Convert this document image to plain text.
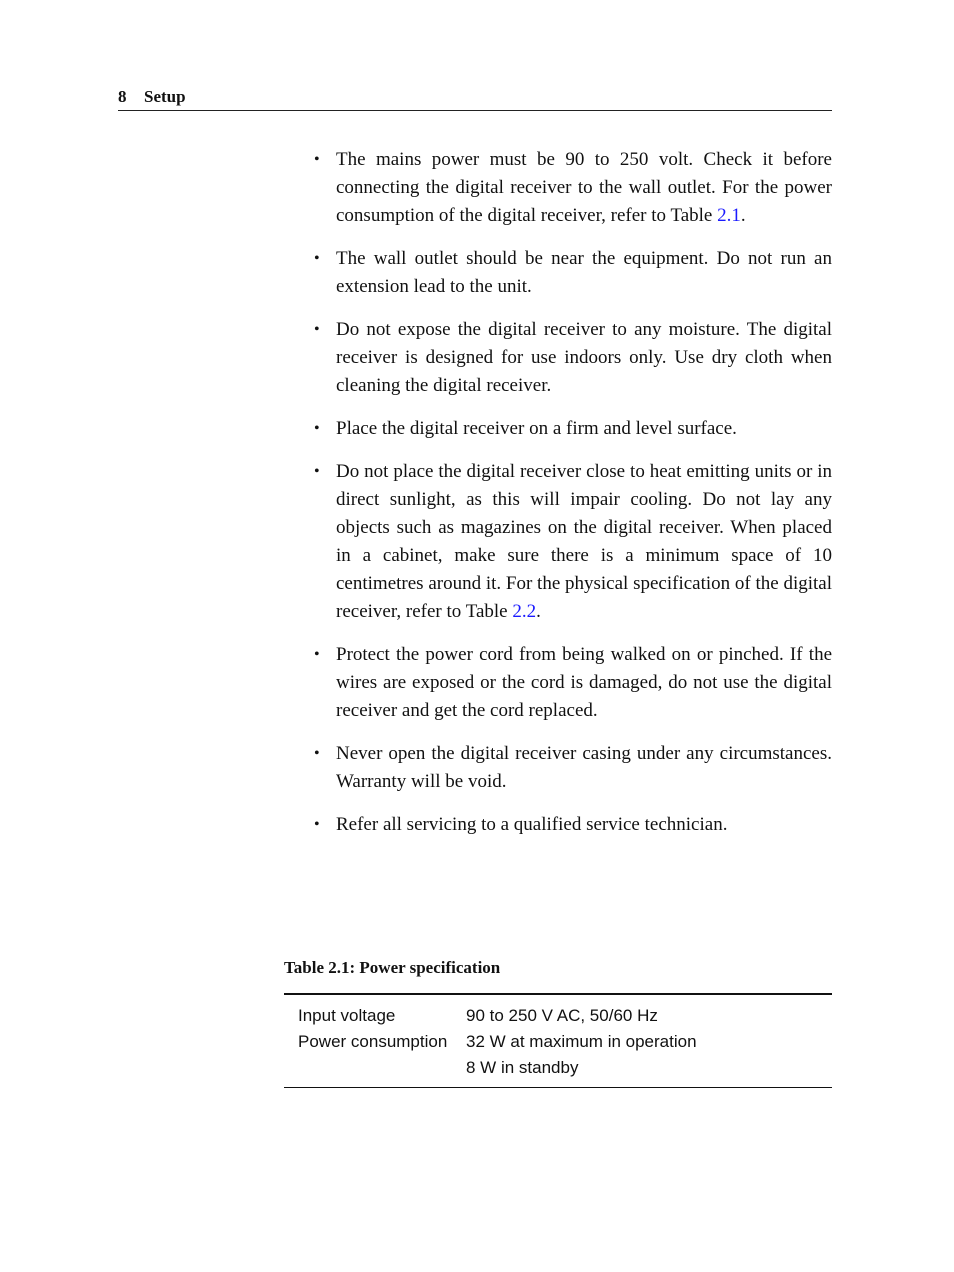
8 Setup
• The mains power must be 90 to 250 volt. Check it before connecting the digital receiver to the wall outlet. For the power consumption of the digital receiver, refer to Table 2.1.
• The wall outlet should be near the equipment. Do not run an extension lead to the unit.
• Do not expose the digital receiver to any moisture. The digital receiver is designed for use indoors only. Use dry cloth when cleaning the digital receiver.
• Place the digital receiver on a firm and level surface.
• Do not place the digital receiver close to heat emitting units or in direct sunlight, as this will impair cooling. Do not lay any objects such as magazines on the digital receiver. When placed in a cabinet, make sure there is a minimum space of 10 centimetres around it. For the physical specification of the digital receiver, refer to Table 2.2.
• Protect the power cord from being walked on or pinched. If the wires are exposed or the cord is damaged, do not use the digital receiver and get the cord replaced.
• Never open the digital receiver casing under any circumstances. Warranty will be void.
• Refer all servicing to a qualified service technician.
Table 2.1: Power specification
Input voltage	90 to 250 V AC, 50/60 Hz
Power consumption	32 W at maximum in operation
8 W in standby
